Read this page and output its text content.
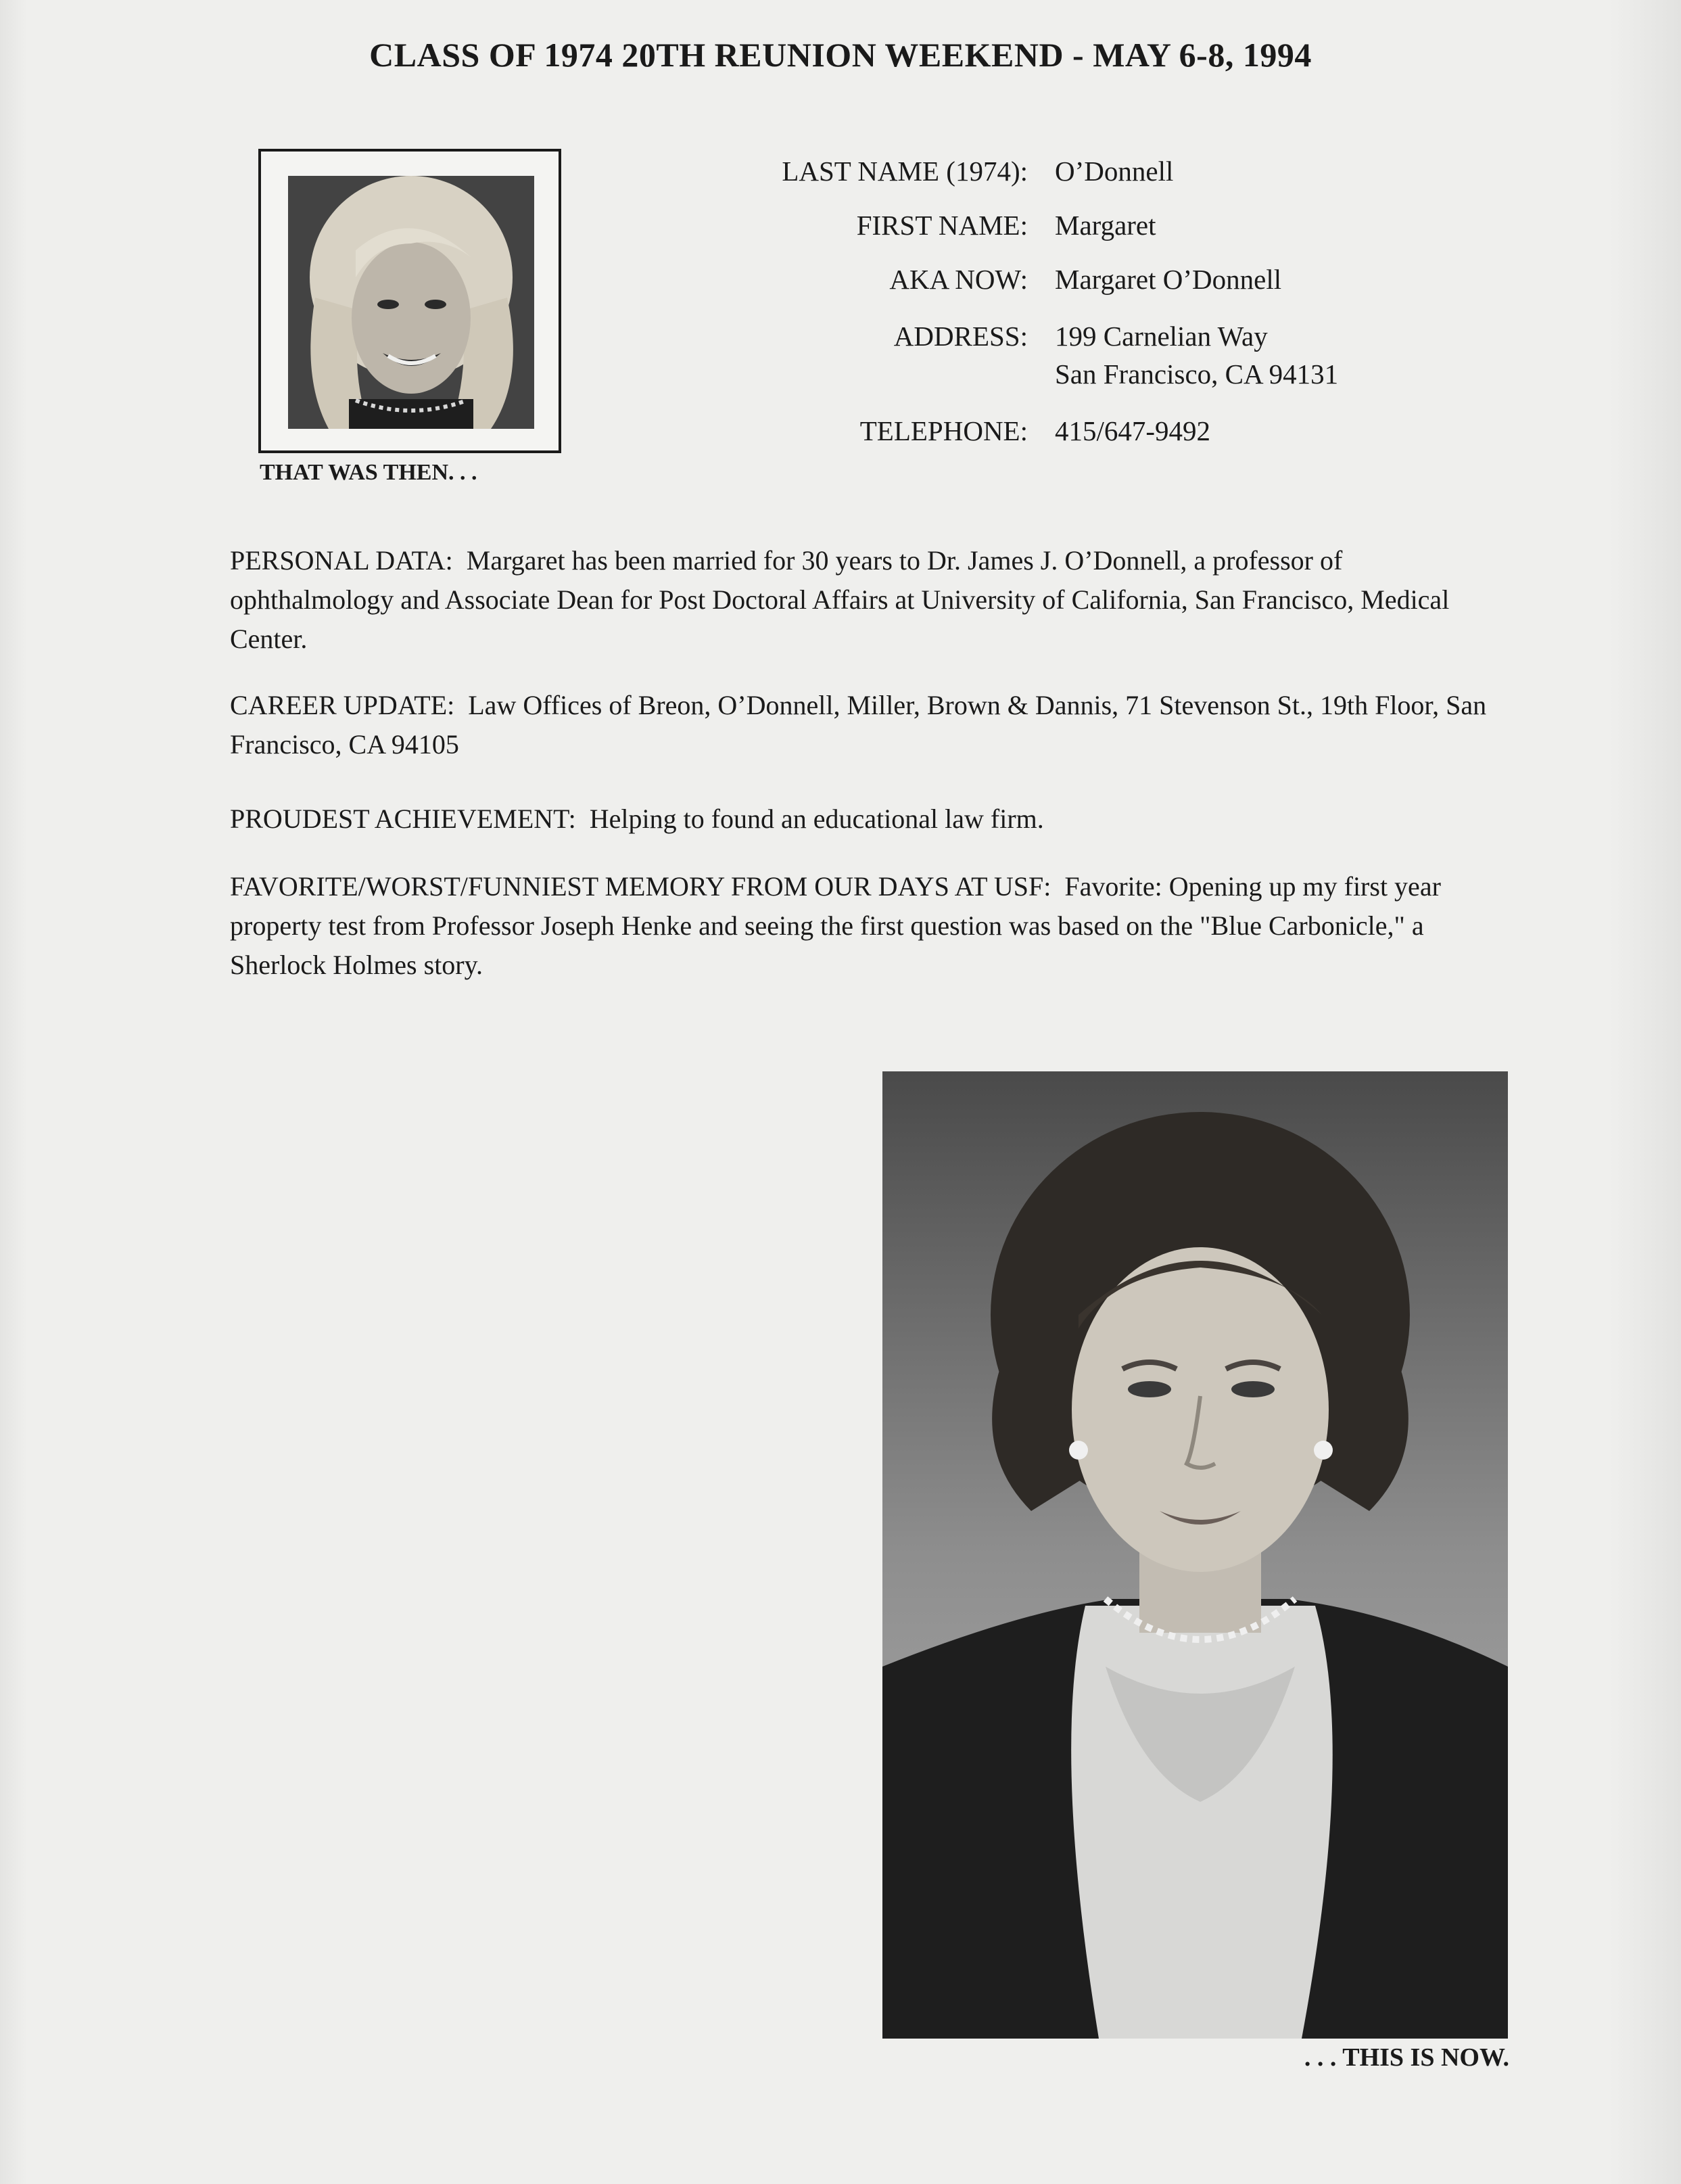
CLASS OF 1974 20TH REUNION WEEKEND - MAY 6-8, 1994
THAT WAS THEN. . .
LAST NAME (1974): O’Donnell
FIRST NAME: Margaret
AKA NOW: Margaret O’Donnell
ADDRESS: 199 Carnelian Way
San Francisco, CA 94131
TELEPHONE: 415/647-9492

PERSONAL DATA: Margaret has been married for 30 years to Dr. James J. O’Donnell, a professor of ophthalmology and Associate Dean for Post Doctoral Affairs at University of California, San Francisco, Medical Center.

CAREER UPDATE: Law Offices of Breon, O’Donnell, Miller, Brown & Dannis, 71 Stevenson St., 19th Floor, San Francisco, CA 94105

PROUDEST ACHIEVEMENT: Helping to found an educational law firm.

FAVORITE/WORST/FUNNIEST MEMORY FROM OUR DAYS AT USF: Favorite: Opening up my first year property test from Professor Joseph Henke and seeing the first question was based on the "Blue Carbonicle," a Sherlock Holmes story.

. . . THIS IS NOW.
